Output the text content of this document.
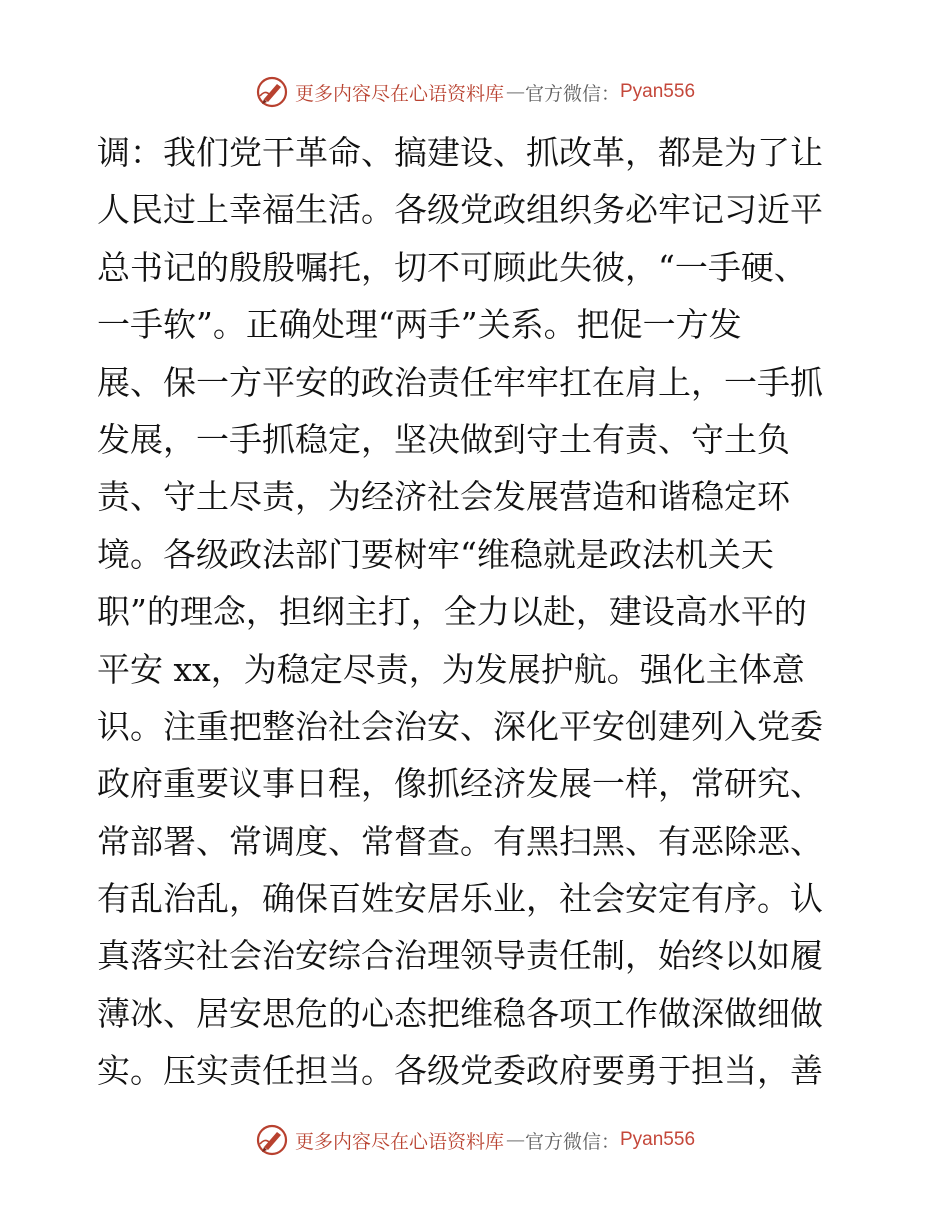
更多内容尽在心语资料库 — 官方微信： Pyan556
调：我们党干革命、搞建设、抓改革，都是为了让
人民过上幸福生活。各级党政组织务必牢记习近平
总书记的殷殷嘱托，切不可顾此失彼，“一手硬、
一手软”。正确处理“两手”关系。把促一方发
展、保一方平安的政治责任牢牢扛在肩上，一手抓
发展，一手抓稳定，坚决做到守土有责、守土负
责、守土尽责，为经济社会发展营造和谐稳定环
境。各级政法部门要树牢“维稳就是政法机关天
职”的理念，担纲主打，全力以赴，建设高水平的
平安 xx，为稳定尽责，为发展护航。强化主体意
识。注重把整治社会治安、深化平安创建列入党委
政府重要议事日程，像抓经济发展一样，常研究、
常部署、常调度、常督查。有黑扫黑、有恶除恶、
有乱治乱，确保百姓安居乐业，社会安定有序。认
真落实社会治安综合治理领导责任制，始终以如履
薄冰、居安思危的心态把维稳各项工作做深做细做
实。压实责任担当。各级党委政府要勇于担当，善
更多内容尽在心语资料库 — 官方微信： Pyan556
